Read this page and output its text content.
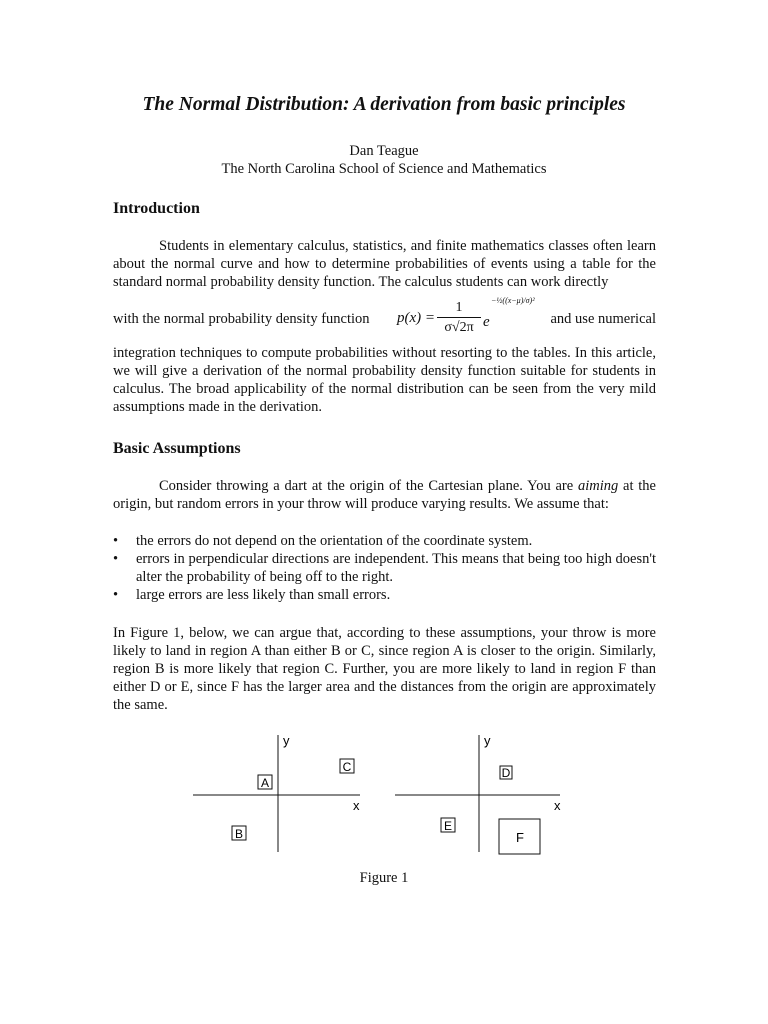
The Normal Distribution: A derivation from basic principles
Dan Teague
The North Carolina School of Science and Mathematics
Introduction

Students in elementary calculus, statistics, and finite mathematics classes often learn about the normal curve and how to determine probabilities of events using a table for the standard normal probability density function. The calculus students can work directly

with the normal probability density function p(x) =
1
σ√2π e
−½((x−μ)/σ)²
and use numerical

integration techniques to compute probabilities without resorting to the tables. In this article, we will give a derivation of the normal probability density function suitable for students in calculus. The broad applicability of the normal distribution can be seen from the very mild assumptions made in the derivation.

Basic Assumptions

Consider throwing a dart at the origin of the Cartesian plane. You are aiming at the origin, but random errors in your throw will produce varying results. We assume that:

• the errors do not depend on the orientation of the coordinate system.
• errors in perpendicular directions are independent. This means that being too high doesn't alter the probability of being off to the right.
• large errors are less likely than small errors.

In Figure 1, below, we can argue that, according to these assumptions, your throw is more likely to land in region A than either B or C, since region A is closer to the origin. Similarly, region B is more likely that region C. Further, you are more likely to land in region F than either D or E, since F has the larger area and the distances from the origin are approximately the same.

y
x
A
B
C
y
x
D
E
F
Figure 1
